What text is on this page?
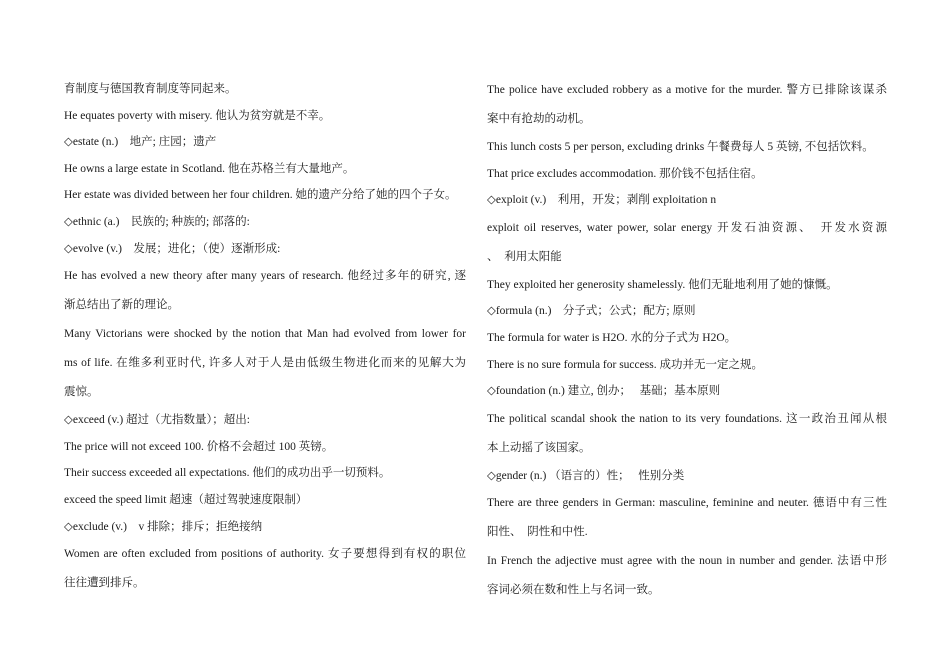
育制度与德国教育制度等同起来。
He equates poverty with misery. 他认为贫穷就是不幸。
◇estate (n.)　地产; 庄园；遗产
He owns a large estate in Scotland. 他在苏格兰有大量地产。
Her estate was divided between her four children. 她的遗产分给了她的四个子女。
◇ethnic (a.)　民族的; 种族的; 部落的:
◇evolve (v.)　发展；进化；（使）逐渐形成:
He has evolved a new theory after many years of research. 他经过多年的研究, 逐
渐总结出了新的理论。
Many Victorians were shocked by the notion that Man had evolved from lower for
ms of life. 在维多利亚时代, 许多人对于人是由低级生物进化而来的见解大为
震惊。
◇exceed (v.) 超过（尤指数量）；超出:
The price will not exceed 100. 价格不会超过 100 英镑。
Their success exceeded all expectations. 他们的成功出乎一切预料。
exceed the speed limit 超速（超过驾驶速度限制）
◇exclude (v.)　v 排除；排斥；拒绝接纳
Women are often excluded from positions of authority. 女子要想得到有权的职位
往往遭到排斥。
The police have excluded robbery as a motive for the murder. 警方已排除该谋杀
案中有抢劫的动机。
This lunch costs 5 per person, excluding drinks 午餐费每人 5 英镑, 不包括饮料。
That price excludes accommodation. 那价钱不包括住宿。
◇exploit (v.)　利用，开发；剥削 exploitation n
exploit oil reserves, water power, solar energy 开发石油资源、　开发水资源
、　利用太阳能
They exploited her generosity shamelessly. 他们无耻地利用了她的慷慨。
◇formula (n.)　分子式；公式；配方; 原则
The formula for water is H2O. 水的分子式为 H2O。
There is no sure formula for success. 成功并无一定之规。
◇foundation (n.) 建立, 创办；　 基础；基本原则
The political scandal shook the nation to its very foundations. 这一政治丑闻从根
本上动摇了该国家。
◇gender (n.) （语言的）性；　 性别分类
There are three genders in German: masculine, feminine and neuter. 德语中有三性
阳性、　阴性和中性.
In French the adjective must agree with the noun in number and gender. 法语中形
容词必须在数和性上与名词一致。
